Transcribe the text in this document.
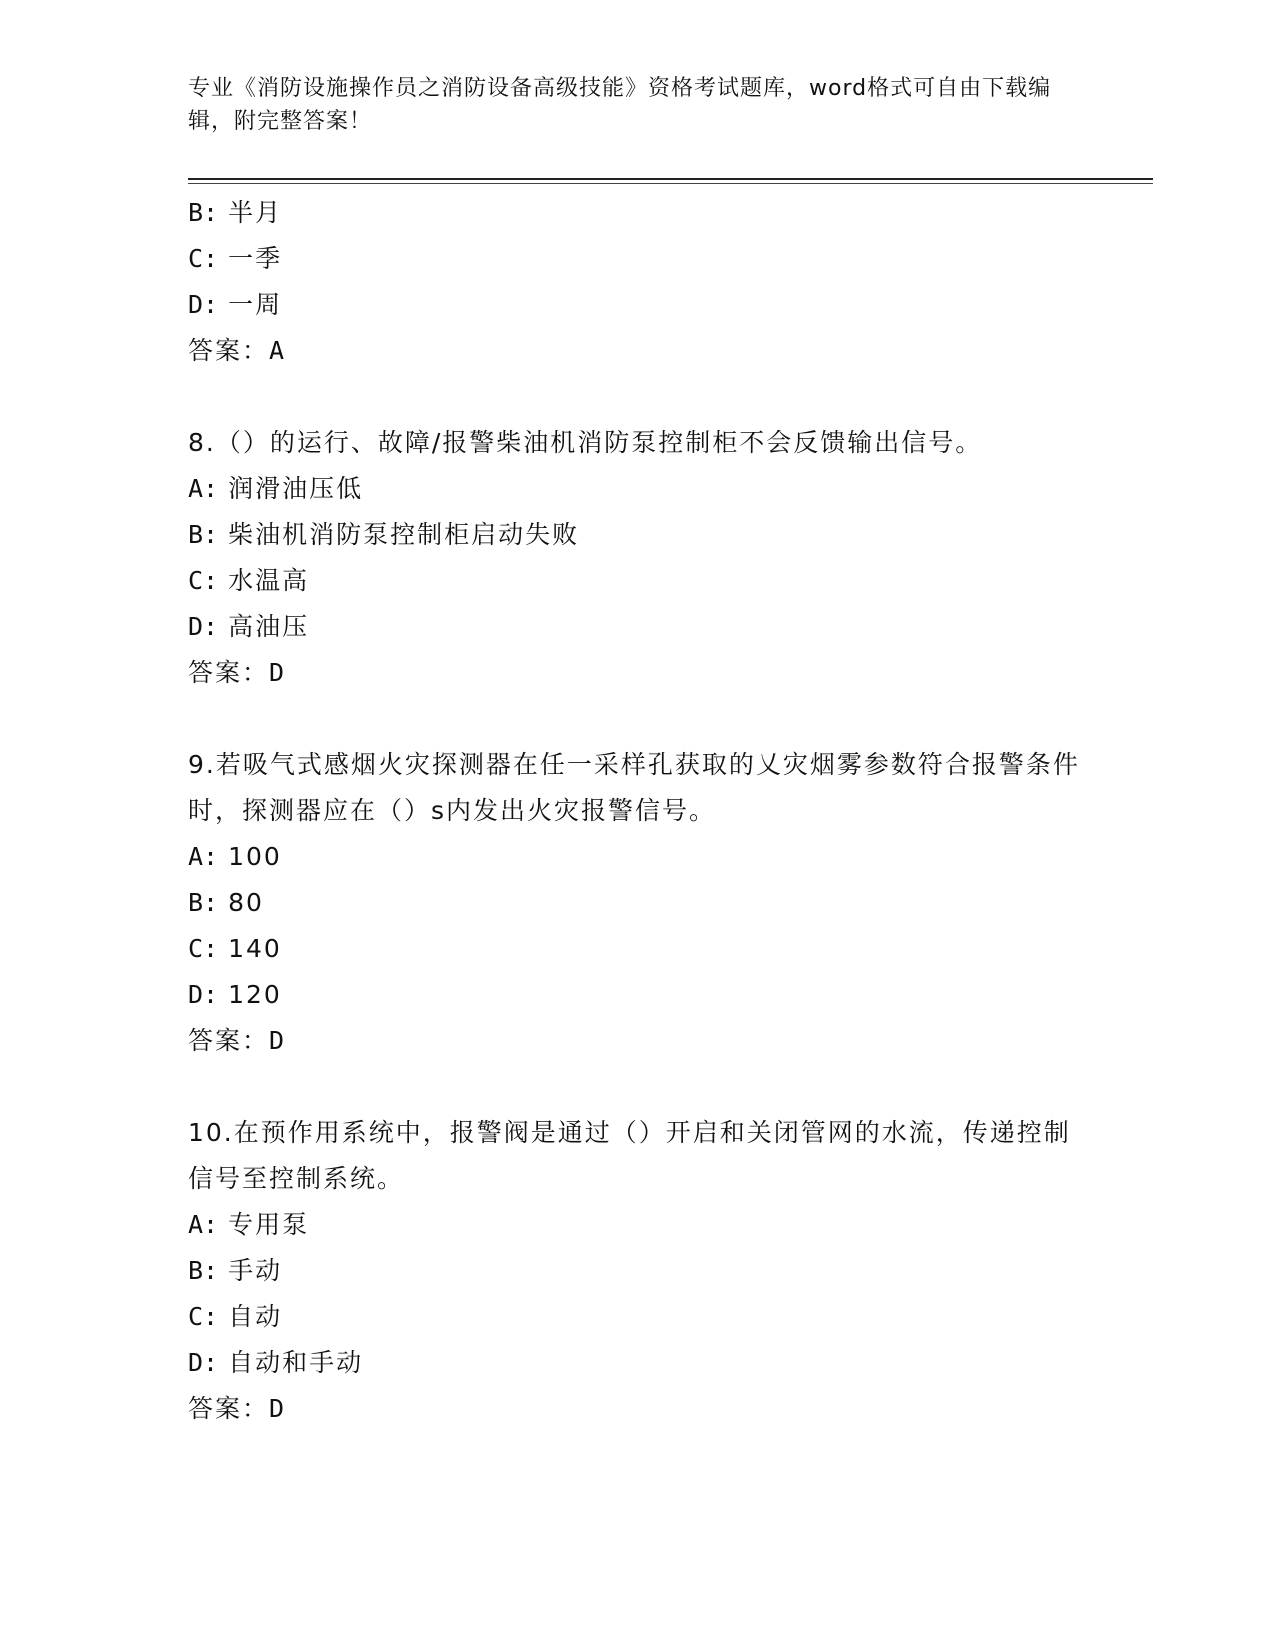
专业《消防设施操作员之消防设备高级技能》资格考试题库，word格式可自由下载编辑，附完整答案！
B: 半月
C: 一季
D: 一周
答案：A
8.（）的运行、故障/报警柴油机消防泵控制柜不会反馈输出信号。
A: 润滑油压低
B: 柴油机消防泵控制柜启动失败
C: 水温高
D: 高油压
答案：D
9.若吸气式感烟火灾探测器在任一采样孔获取的乂灾烟雾参数符合报警条件时，探测器应在（）s内发出火灾报警信号。
A: 100
B: 80
C: 140
D: 120
答案：D
10.在预作用系统中，报警阀是通过（）开启和关闭管网的水流，传递控制信号至控制系统。
A: 专用泵
B: 手动
C: 自动
D: 自动和手动
答案：D
